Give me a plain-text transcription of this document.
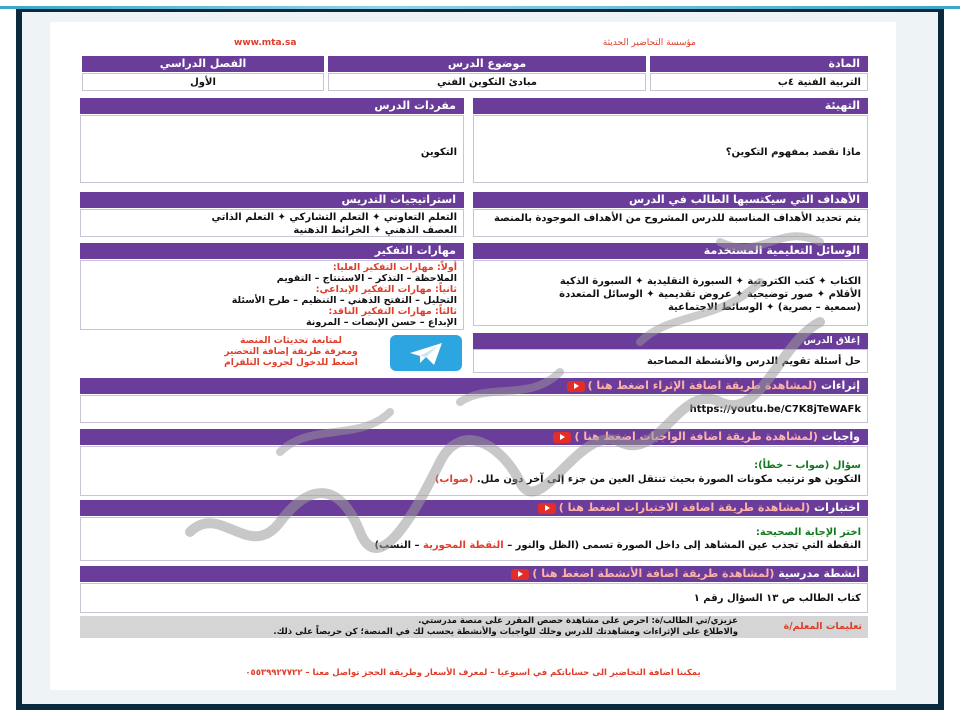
مؤسسة التحاضير الحديثة
www.mta.sa
المادة
موضوع الدرس
الفصل الدراسي
التربية الفنية ٤ب
مبادئ التكوين الفني
الأول
التهيئة
ماذا نقصد بمفهوم التكوين؟
مفردات الدرس
التكوين
الأهداف التي سيكتسبها الطالب في الدرس
يتم تحديد الأهداف المناسبة للدرس المشروح من الأهداف الموجودة بالمنصة
استراتيجيات التدريس
التعلم التعاوني ✦ التعلم التشاركي ✦ التعلم الذاتي
العصف الذهني ✦ الخرائط الذهنية
الوسائل التعليمية المستخدمة
الكتاب ✦ كتب الكترونية ✦ السبورة التقليدية ✦ السبورة الذكية
الأقلام ✦ صور توضيحية ✦ عروض تقديمية ✦ الوسائل المتعددة
(سمعية – بصرية) ✦ الوسائط الاجتماعية
مهارات التفكير
أولاً: مهارات التفكير العليا:
الملاحظة – التذكر – الاستنتاج – التقويم
ثانياً: مهارات التفكير الإبداعي:
التحليل – التفتح الذهني – التنظيم – طرح الأسئلة
ثالثاً: مهارات التفكير الناقد:
الإبداع – حسن الإنصات – المرونة
إغلاق الدرس
حل أسئلة تقويم الدرس والأنشطة المصاحبة
لمتابعة تحديثات المنصة
ومعرفة طريقة إضافة التحضير
اضغط للدخول لجروب التلقرام
إثراءات (لمشاهدة طريقة اضافة الإثراء اضغط هنا )
https://youtu.be/C7K8jTeWAFk
واجبات (لمشاهدة طريقة اضافة الواجبات اضغط هنا )
سؤال (صواب – خطأ):
التكوين هو ترتيب مكونات الصورة بحيث تنتقل العين من جزء إلى آخر دون ملل. (صواب)
اختبارات (لمشاهدة طريقة اضافة الاختبارات اضغط هنا )
اختر الإجابة الصحيحة:
النقطة التي تجذب عين المشاهد إلى داخل الصورة تسمى (الظل والنور – النقطة المحورية – النسب)
أنشطة مدرسية (لمشاهدة طريقة اضافة الأنشطة اضغط هنا )
كتاب الطالب ص ١٣ السؤال رقم ١
تعليمات المعلم/ة
عزيزي/تي الطالب/ة: احرص على مشاهدة حصص المقرر على منصة مدرستي.
والاطلاع على الإثراءات ومشاهدتك للدرس وحلك للواجبات والأنشطة يحسب لك في المنصة؛ كن حريصاً على ذلك.
يمكننا اضافة التحاضير الى حساباتكم في اسبوعيا – لمعرف الأسعار وطريقة الحجز تواصل معنا – ٠٥٥٣٩٩٢٧٧٢٢
